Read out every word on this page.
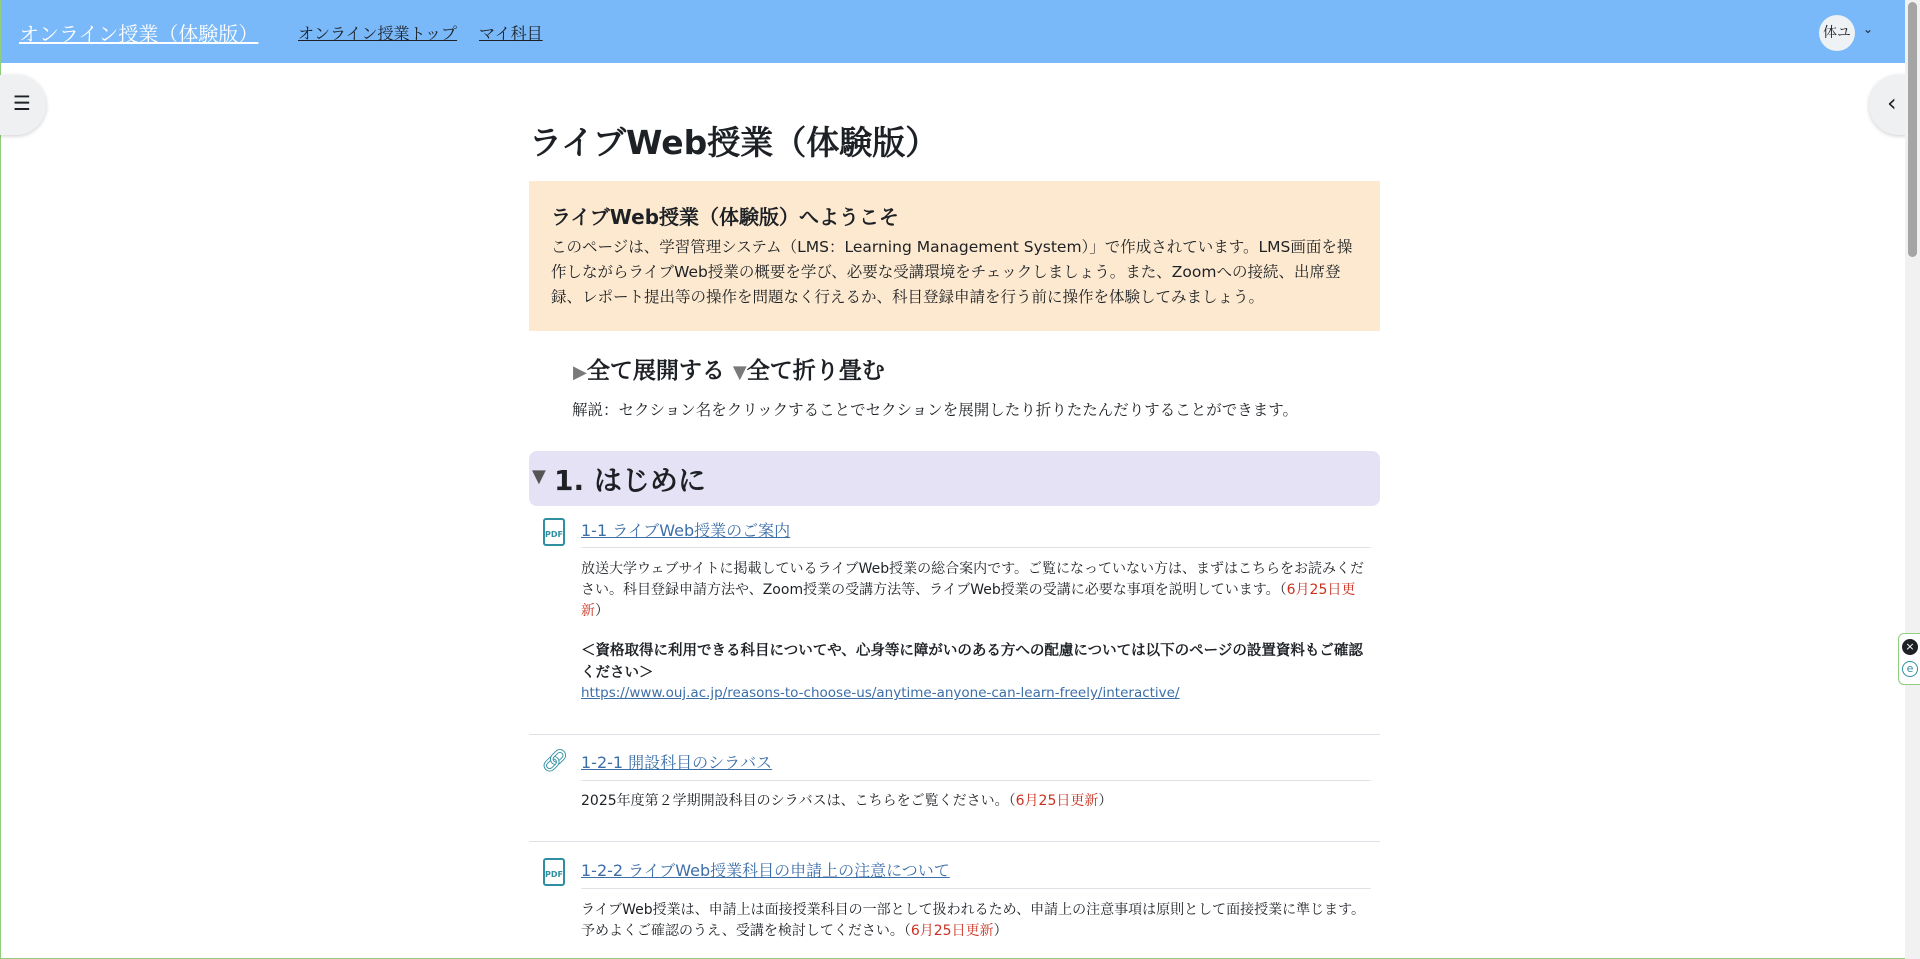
オンライン授業（体験版） オンライン授業トップ マイ科目	体ユ	⌄
☰	‹
ライブWeb授業（体験版）
ライブWeb授業（体験版）へようこそ

このページは、学習管理システム（LMS：Learning Management System）」で作成されています。LMS画面を操作しながらライブWeb授業の概要を学び、必要な受講環境をチェックしましょう。また、Zoomへの接続、出席登録、レポート提出等の操作を問題なく行えるか、科目登録申請を行う前に操作を体験してみましょう。

▶全て展開する ▼全て折り畳む
解説：セクション名をクリックすることでセクションを展開したり折りたたんだりすることができます。
▼ 1. はじめに
PDF 1-1 ライブWeb授業のご案内
放送大学ウェブサイトに掲載しているライブWeb授業の総合案内です。ご覧になっていない方は、まずはこちらをお読みください。科目登録申請方法や、Zoom授業の受講方法等、ライブWeb授業の受講に必要な事項を説明しています。（6月25日更新）
＜資格取得に利用できる科目についてや、心身等に障がいのある方への配慮については以下のページの設置資料もご確認ください＞
https://www.ouj.ac.jp/reasons-to-choose-us/anytime-anyone-can-learn-freely/interactive/
🔗︎ 1-2-1 開設科目のシラバス
2025年度第２学期開設科目のシラバスは、こちらをご覧ください。（6月25日更新）
PDF 1-2-2 ライブWeb授業科目の申請上の注意について
ライブWeb授業は、申請上は面接授業科目の一部として扱われるため、申請上の注意事項は原則として面接授業に準じます。予めよくご確認のうえ、受講を検討してください。（6月25日更新）
×
e
